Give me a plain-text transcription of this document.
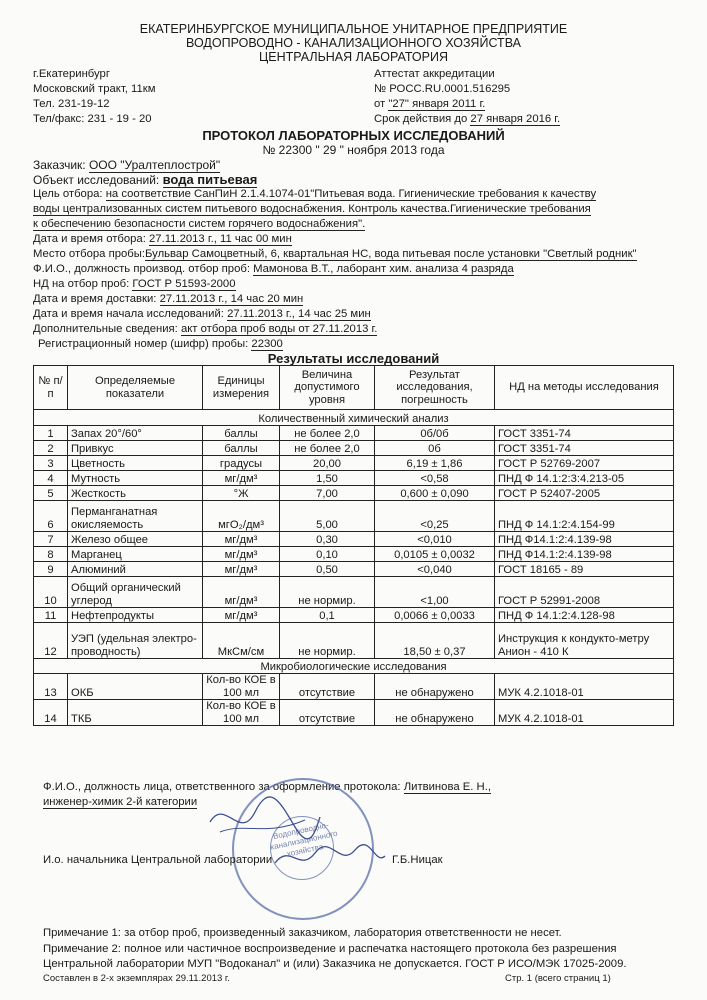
ЕКАТЕРИНБУРГСКОЕ МУНИЦИПАЛЬНОЕ УНИТАРНОЕ ПРЕДПРИЯТИЕ
ВОДОПРОВОДНО - КАНАЛИЗАЦИОННОГО ХОЗЯЙСТВА
ЦЕНТРАЛЬНАЯ ЛАБОРАТОРИЯ
г.Екатеринбург
Московский тракт, 11км
Тел. 231-19-12
Тел/факс: 231 - 19 - 20
Аттестат аккредитации
№ РОСС.RU.0001.516295
от "27" января 2011 г.
Срок действия до 27 января 2016 г.
ПРОТОКОЛ ЛАБОРАТОРНЫХ ИССЛЕДОВАНИЙ
№ 22300 " 29 " ноября 2013 года
Заказчик: ООО "Уралтеплострой"
Объект исследований: вода питьевая
Цель отбора: на соответствие СанПиН 2.1.4.1074-01"Питьевая вода. Гигиенические требования к качеству
воды централизованных систем питьевого водоснабжения. Контроль качества.Гигиенические требования
к обеспечению безопасности систем горячего водоснабжения".
Дата и время отбора: 27.11.2013 г., 11 час 00 мин
Место отбора пробы:Бульвар Самоцветный, 6, квартальная НС, вода питьевая после установки "Светлый родник"
Ф.И.О., должность производ. отбор проб: Мамонова В.Т., лаборант хим. анализа 4 разряда
НД на отбор проб: ГОСТ Р 51593-2000
Дата и время доставки: 27.11.2013 г., 14 час 20 мин
Дата и время начала исследований: 27.11.2013 г., 14 час 25 мин
Дополнительные сведения: акт отбора проб воды от 27.11.2013 г.
Регистрационный номер (шифр) пробы: 22300
Результаты исследований
№ п/п	Определяемые показатели	Единицы измерения	Величина допустимого уровня	Результат исследования, погрешность	НД на методы исследования
Количественный химический анализ					
1	Запах 20°/60°	баллы	не более 2,0	0б/0б	ГОСТ 3351-74
2	Привкус	баллы	не более 2,0	0б	ГОСТ 3351-74
3	Цветность	градусы	20,00	6,19 ± 1,86	ГОСТ Р 52769-2007
4	Мутность	мг/дм³	1,50	<0,58	ПНД Ф 14.1:2:3:4.213-05
5	Жесткость	°Ж	7,00	0,600 ± 0,090	ГОСТ Р 52407-2005
6	Перманганатная окисляемость	мгО₂/дм³	5,00	<0,25	ПНД Ф 14.1:2:4.154-99
7	Железо общее	мг/дм³	0,30	<0,010	ПНД Ф14.1:2:4.139-98
8	Марганец	мг/дм³	0,10	0,0105 ± 0,0032	ПНД Ф14.1:2:4.139-98
9	Алюминий	мг/дм³	0,50	<0,040	ГОСТ 18165 - 89
10	Общий органический углерод	мг/дм³	не нормир.	<1,00	ГОСТ Р 52991-2008
11	Нефтепродукты	мг/дм³	0,1	0,0066 ± 0,0033	ПНД Ф 14.1:2:4.128-98
12	УЭП (удельная электро-проводность)	МкСм/см	не нормир.	18,50 ± 0,37	Инструкция к кондукто-метру Анион - 410 К
Микробиологические исследования					
13	ОКБ	Кол-во КОЕ в 100 мл	отсутствие	не обнаружено	МУК 4.2.1018-01
14	ТКБ	Кол-во КОЕ в 100 мл	отсутствие	не обнаружено	МУК 4.2.1018-01
Ф.И.О., должность лица, ответственного за оформление протокола: Литвинова Е. Н.,
инженер-химик 2-й категории
Водопроводно-канализационного хозяйства
И.о. начальника Центральной лаборатории	Г.Б.Ницак
Примечание 1: за отбор проб, произведенный заказчиком, лаборатория ответственности не несет.
Примечание 2: полное или частичное воспроизведение и распечатка настоящего протокола без разрешения
Центральной лаборатории МУП "Водоканал" и (или) Заказчика не допускается. ГОСТ Р ИСО/МЭК 17025-2009.
Составлен в 2-х экземплярах 29.11.2013 г.	Стр. 1 (всего страниц 1)
